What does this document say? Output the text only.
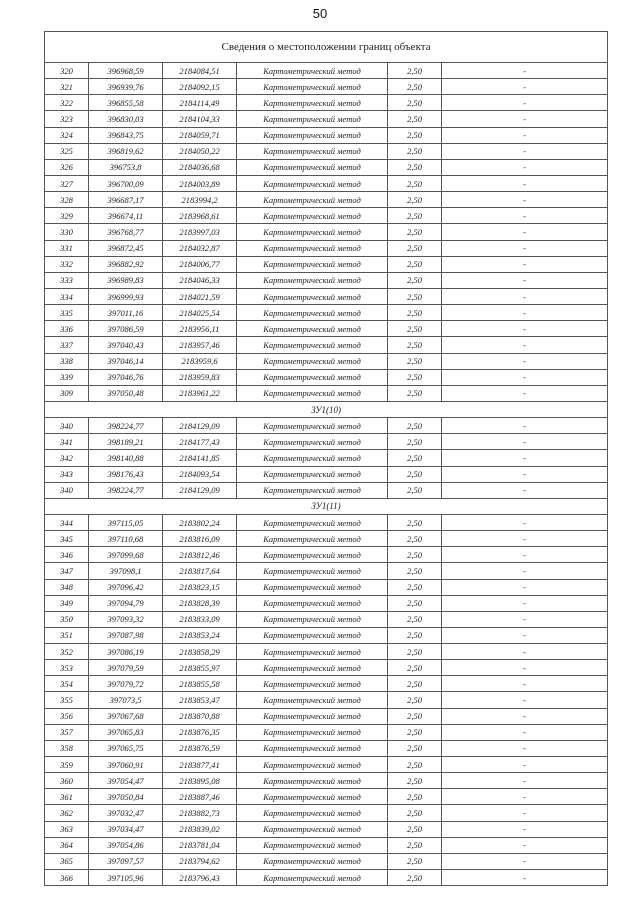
50
Сведения о местоположении границ объекта					
320	396968,59	2184084,51	Картометрический метод	2,50	-
321	396939,76	2184092,15	Картометрический метод	2,50	-
322	396855,58	2184114,49	Картометрический метод	2,50	-
323	396830,03	2184104,33	Картометрический метод	2,50	-
324	396843,75	2184059,71	Картометрический метод	2,50	-
325	396819,62	2184050,22	Картометрический метод	2,50	-
326	396753,8	2184036,68	Картометрический метод	2,50	-
327	396700,09	2184003,89	Картометрический метод	2,50	-
328	396687,17	2183994,2	Картометрический метод	2,50	-
329	396674,11	2183968,61	Картометрический метод	2,50	-
330	396768,77	2183997,03	Картометрический метод	2,50	-
331	396872,45	2184032,87	Картометрический метод	2,50	-
332	396882,92	2184006,77	Картометрический метод	2,50	-
333	396989,83	2184046,33	Картометрический метод	2,50	-
334	396999,93	2184021,59	Картометрический метод	2,50	-
335	397011,16	2184025,54	Картометрический метод	2,50	-
336	397086,59	2183956,11	Картометрический метод	2,50	-
337	397040,43	2183957,46	Картометрический метод	2,50	-
338	397046,14	2183959,6	Картометрический метод	2,50	-
339	397046,76	2183959,83	Картометрический метод	2,50	-
309	397050,48	2183961,22	Картометрический метод	2,50	-
ЗУ1(10)					
340	398224,77	2184129,09	Картометрический метод	2,50	-
341	398189,21	2184177,43	Картометрический метод	2,50	-
342	398140,88	2184141,85	Картометрический метод	2,50	-
343	398176,43	2184093,54	Картометрический метод	2,50	-
340	398224,77	2184129,09	Картометрический метод	2,50	-
ЗУ1(11)					
344	397115,05	2183802,24	Картометрический метод	2,50	-
345	397110,68	2183816,09	Картометрический метод	2,50	-
346	397099,68	2183812,46	Картометрический метод	2,50	-
347	397098,1	2183817,64	Картометрический метод	2,50	-
348	397096,42	2183823,15	Картометрический метод	2,50	-
349	397094,79	2183828,39	Картометрический метод	2,50	-
350	397093,32	2183833,09	Картометрический метод	2,50	-
351	397087,98	2183853,24	Картометрический метод	2,50	-
352	397086,19	2183858,29	Картометрический метод	2,50	-
353	397079,59	2183855,97	Картометрический метод	2,50	-
354	397079,72	2183855,58	Картометрический метод	2,50	-
355	397073,5	2183853,47	Картометрический метод	2,50	-
356	397067,68	2183870,88	Картометрический метод	2,50	-
357	397065,83	2183876,35	Картометрический метод	2,50	-
358	397065,75	2183876,59	Картометрический метод	2,50	-
359	397060,91	2183877,41	Картометрический метод	2,50	-
360	397054,47	2183895,08	Картометрический метод	2,50	-
361	397050,84	2183887,46	Картометрический метод	2,50	-
362	397032,47	2183882,73	Картометрический метод	2,50	-
363	397034,47	2183839,02	Картометрический метод	2,50	-
364	397054,86	2183781,04	Картометрический метод	2,50	-
365	397097,57	2183794,62	Картометрический метод	2,50	-
366	397105,96	2183796,43	Картометрический метод	2,50	-
